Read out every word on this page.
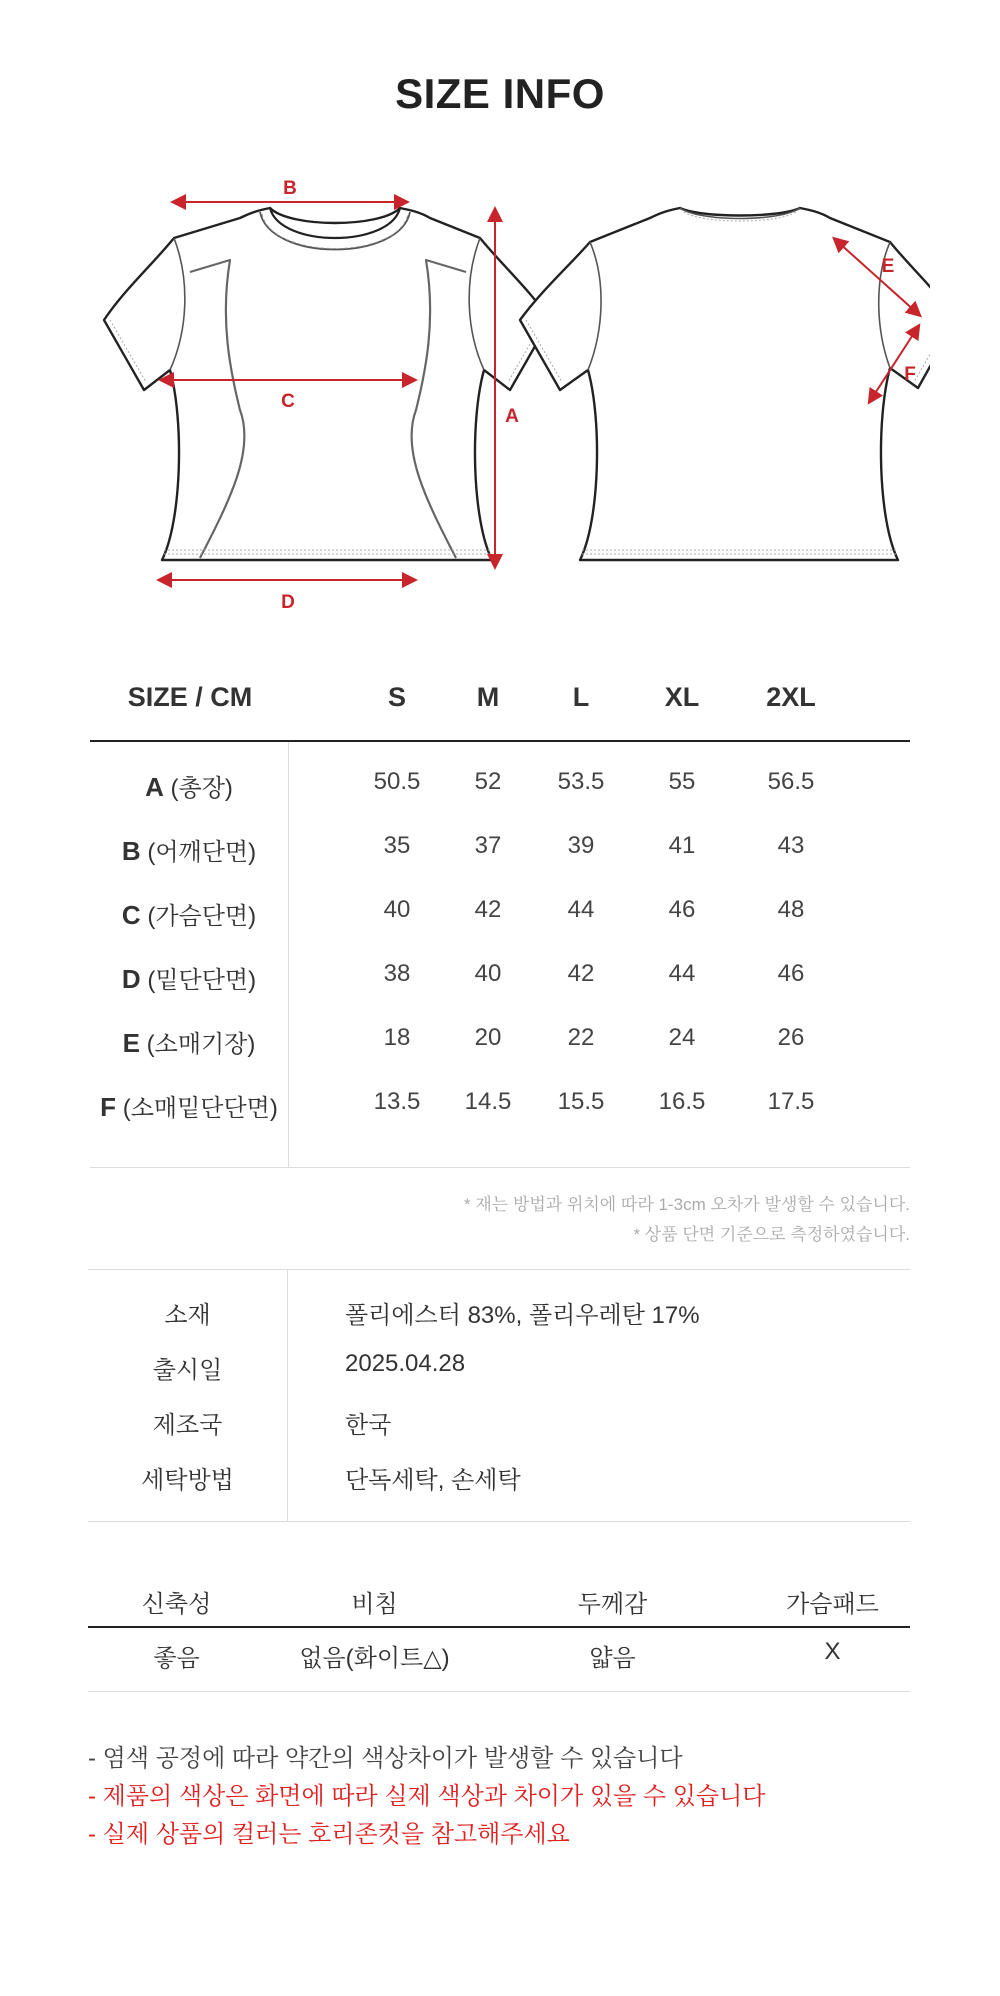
SIZE INFO
B
C
D
A
E
F
SIZE / CM	S	M	L	XL	2XL
A (총장)	50.5	52	53.5	55	56.5
B (어깨단면)	35	37	39	41	43
C (가슴단면)	40	42	44	46	48
D (밑단단면)	38	40	42	44	46
E (소매기장)	18	20	22	24	26
F (소매밑단단면)	13.5	14.5	15.5	16.5	17.5
* 재는 방법과 위치에 따라 1-3cm 오차가 발생할 수 있습니다.
* 상품 단면 기준으로 측정하였습니다.
소재	폴리에스터 83%, 폴리우레탄 17%
출시일	2025.04.28
제조국	한국
세탁방법	단독세탁, 손세탁
신축성	비침	두께감	가슴패드
좋음	없음(화이트△)	얇음	X
- 염색 공정에 따라 약간의 색상차이가 발생할 수 있습니다
- 제품의 색상은 화면에 따라 실제 색상과 차이가 있을 수 있습니다
- 실제 상품의 컬러는 호리존컷을 참고해주세요
